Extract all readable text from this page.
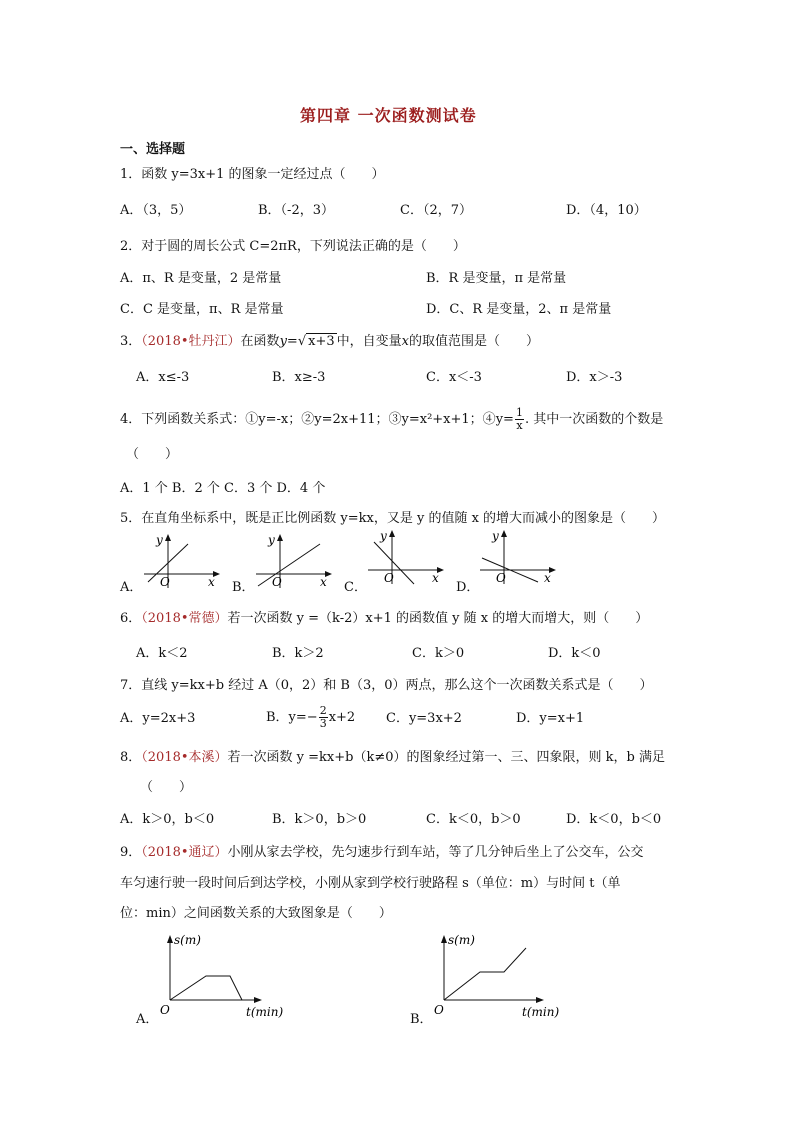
第四章 一次函数测试卷
一、选择题
1．函数 y=3x+1 的图象一定经过点（　　）
A．（3，5）	B．（-2，3）	C．（2，7）	D．（4，10）
2．对于圆的周长公式 C=2πR，下列说法正确的是（　　）
A．π、R 是变量，2 是常量	B．R 是变量，π 是常量
C．C 是变量，π、R 是常量	D．C、R 是变量，2、π 是常量
3．（2018•牡丹江）在函数y=√ x+3 中，自变量x的取值范围是（　　）
A．x≤-3	B．x≥-3	C．x＜-3	D．x＞-3
4．下列函数关系式：①y=-x；②y=2x+11；③y=x²+x+1；④y= $\frac{1}{x}$ . 其中一次函数的个数是
（　　）
A．1 个 B．2 个 C．3 个 D．4 个
5．在直角坐标系中，既是正比例函数 y=kx，又是 y 的值随 x 的增大而减小的图象是（　　）
A．	B．	C．	D．
y
x
O
y
x
O
y
x
O
y
x
O
6．（2018•常德）若一次函数 y =（k-2）x+1 的函数值 y 随 x 的增大而增大，则（　　）
A．k＜2	B．k＞2	C．k＞0	D．k＜0
7．直线 y=kx+b 经过 A（0，2）和 B（3，0）两点，那么这个一次函数关系式是（　　）
A．y=2x+3	B．$y=- \frac{2}{3} x+2$ C．y=3x+2	D．y=x+1
8．（2018•本溪）若一次函数 y =kx+b（k≠0）的图象经过第一、三、四象限，则 k，b 满足
（　　）
A．k＞0，b＜0	B．k＞0，b＞0	C．k＜0，b＞0	D．k＜0，b＜0
9．（2018•通辽）小刚从家去学校，先匀速步行到车站，等了几分钟后坐上了公交车，公交
车匀速行驶一段时间后到达学校，小刚从家到学校行驶路程 s（单位：m）与时间 t（单
位：min）之间函数关系的大致图象是（　　）
A．	B．
s(m)
t(min)
O
s(m)
t(min)
O
